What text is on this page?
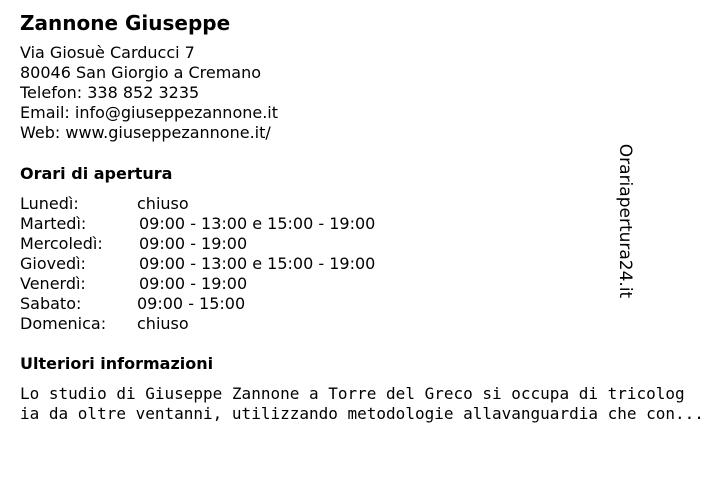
Zannone Giuseppe
Via Giosuè Carducci 7
80046 San Giorgio a Cremano
Telefon: 338 852 3235
Email: info@giuseppezannone.it
Web: www.giuseppezannone.it/
Orari di apertura
Lunedì:	chiuso
Martedì:	09:00 - 13:00 e 15:00 - 19:00
Mercoledì: 09:00 - 19:00
Giovedì:	09:00 - 13:00 e 15:00 - 19:00
Venerdì:	09:00 - 19:00
Sabato:	09:00 - 15:00
Domenica: chiuso
Ulteriori informazioni
Lo studio di Giuseppe Zannone a Torre del Greco si occupa di tricolog
ia da oltre ventanni, utilizzando metodologie allavanguardia che con...
Orariapertura24.it
